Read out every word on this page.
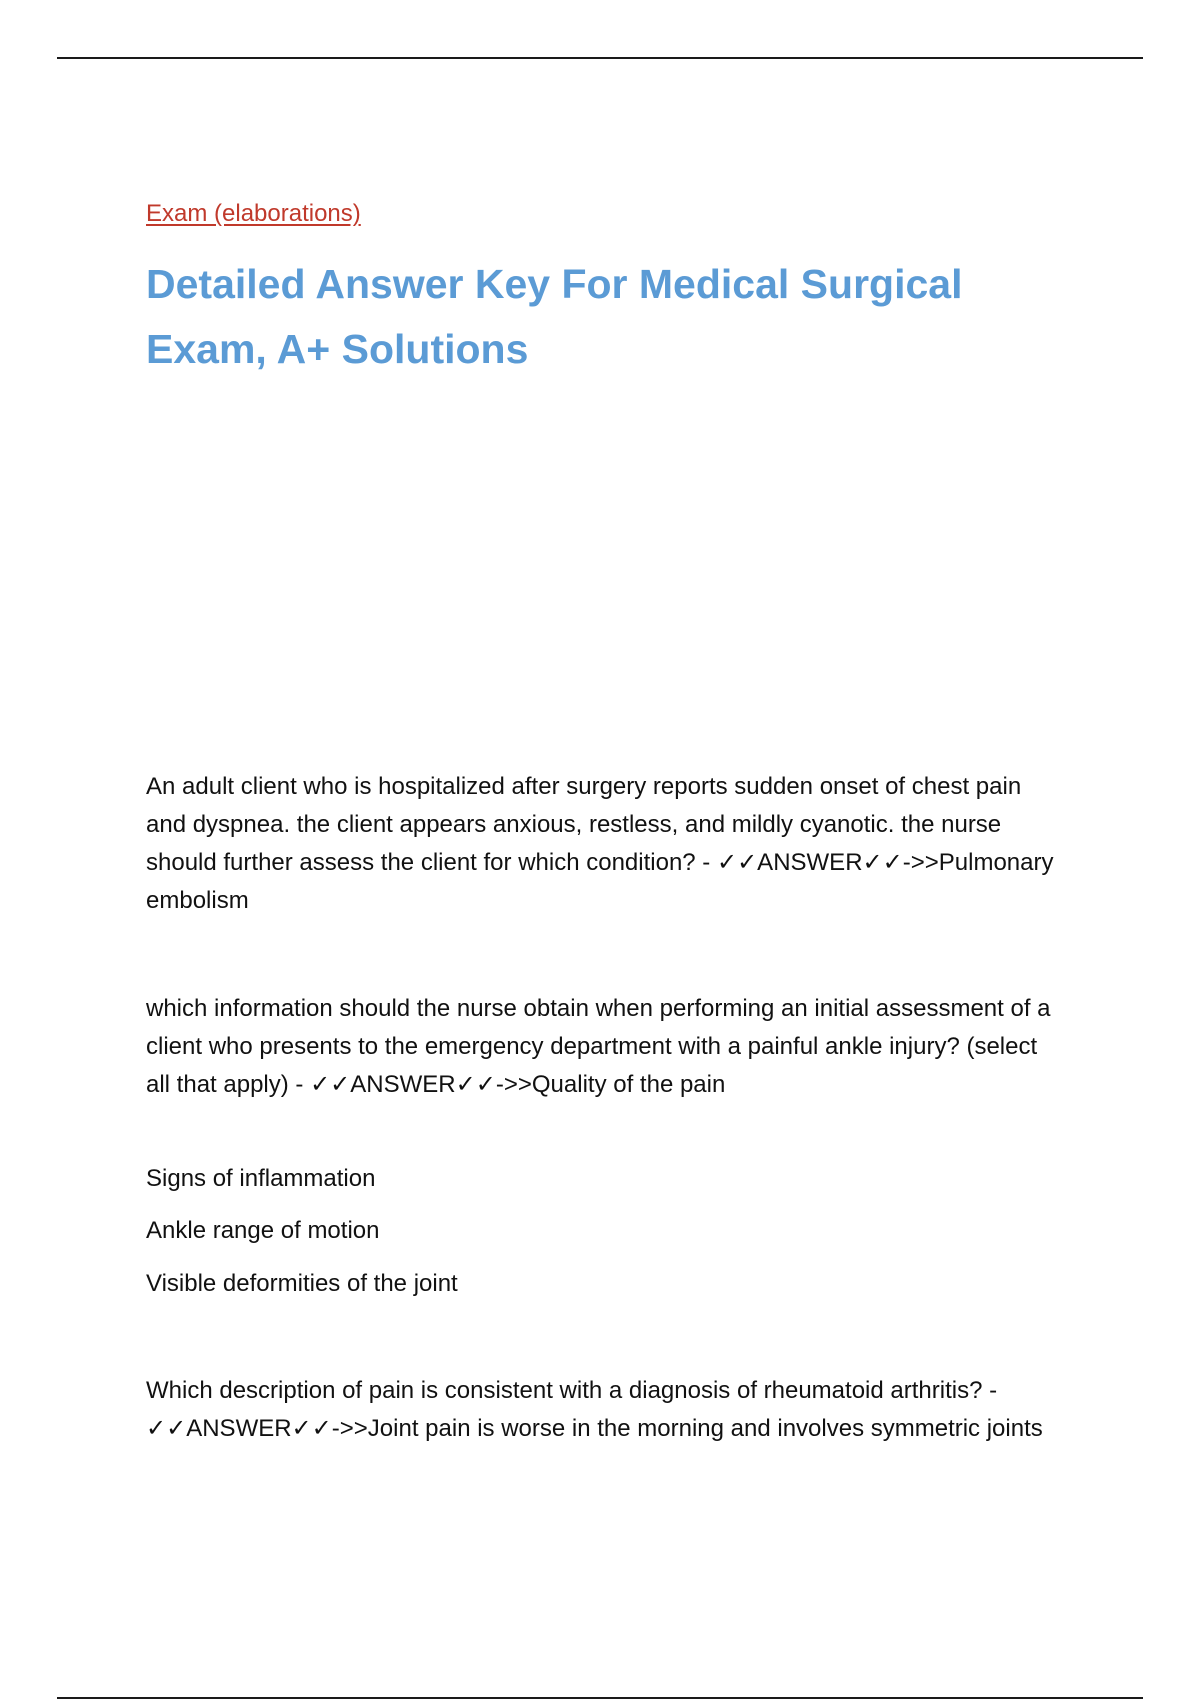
Exam (elaborations)
Detailed Answer Key For Medical Surgical Exam, A+ Solutions

An adult client who is hospitalized after surgery reports sudden onset of chest pain and dyspnea. the client appears anxious, restless, and mildly cyanotic. the nurse should further assess the client for which condition? - ✓✓ANSWER✓✓->>Pulmonary embolism

which information should the nurse obtain when performing an initial assessment of a client who presents to the emergency department with a painful ankle injury? (select all that apply) - ✓✓ANSWER✓✓->>Quality of the pain

Signs of inflammation

Ankle range of motion

Visible deformities of the joint

Which description of pain is consistent with a diagnosis of rheumatoid arthritis? - ✓✓ANSWER✓✓->>Joint pain is worse in the morning and involves symmetric joints
